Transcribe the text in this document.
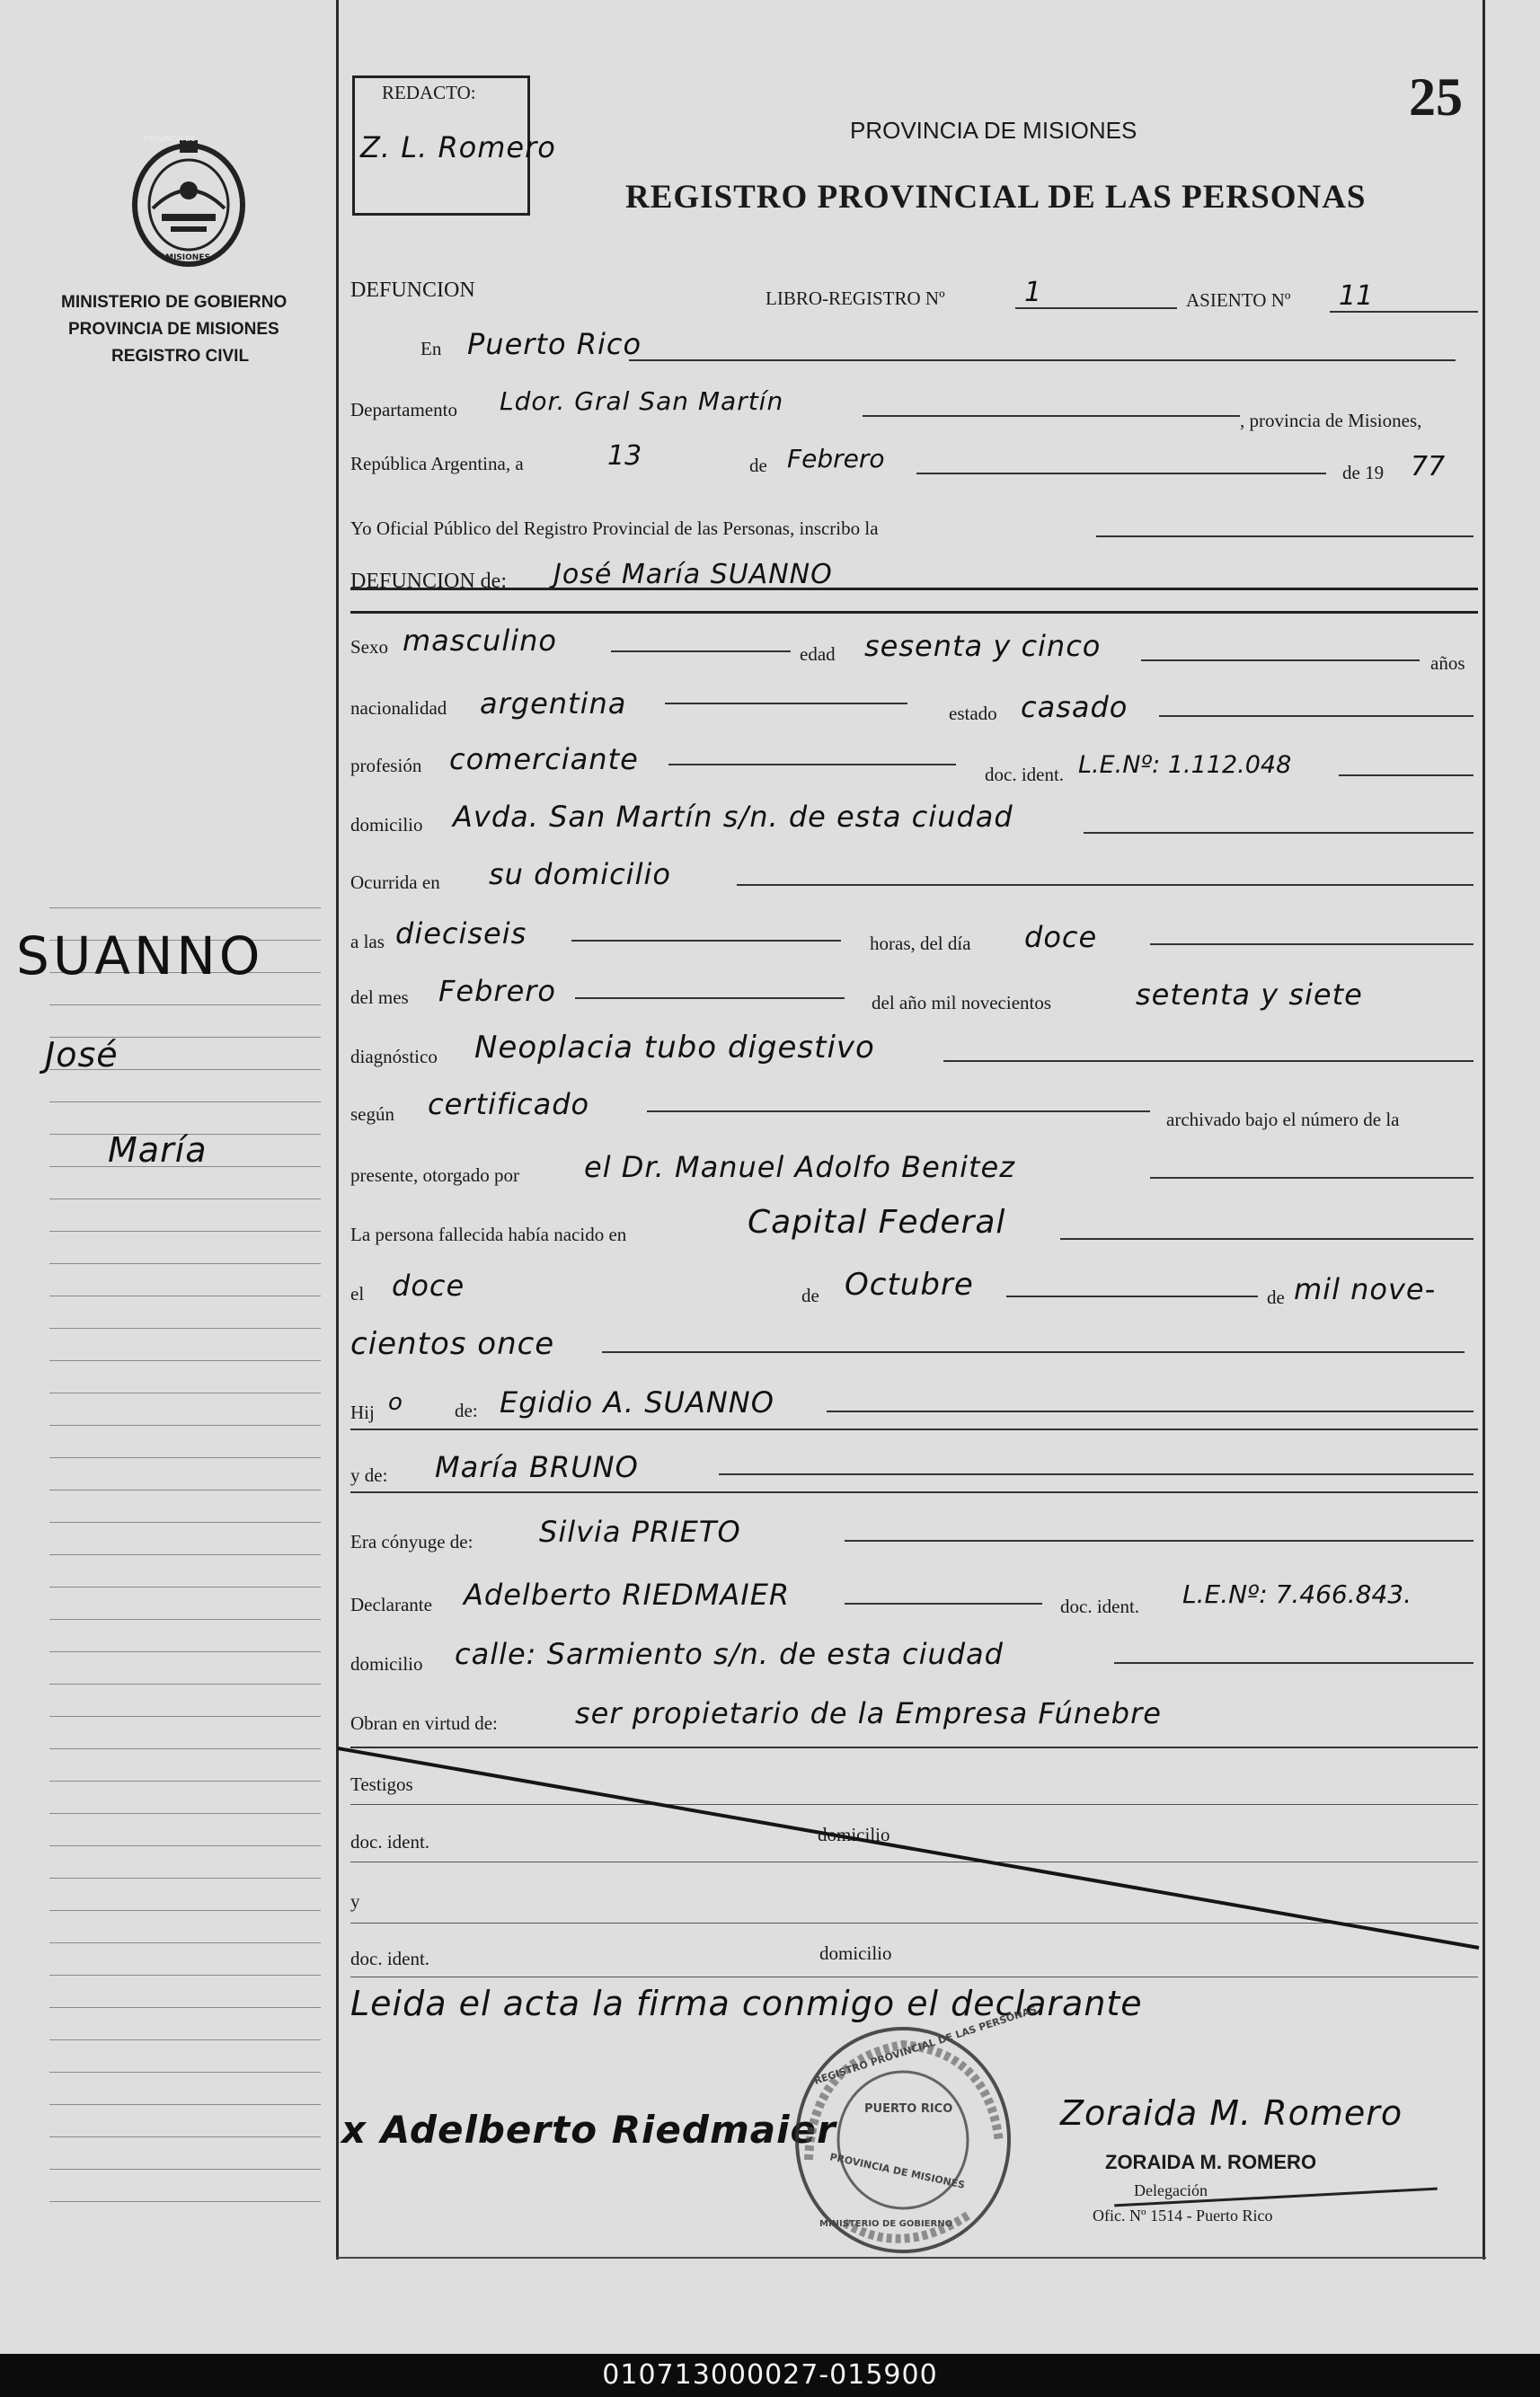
PROVINCIA DE
MISIONES
MINISTERIO DE GOBIERNO
PROVINCIA DE MISIONES
REGISTRO CIVIL
SUANNO
José
María
REDACTO:
Z. L. Romero
25
PROVINCIA DE MISIONES
REGISTRO PROVINCIAL DE LAS PERSONAS
DEFUNCION	LIBRO-REGISTRO Nº	1	ASIENTO Nº 11
En Puerto Rico
Departamento Ldor. Gral San Martín
, provincia de Misiones,
República Argentina, a	13	de Febrero	de 19 77
Yo Oficial Público del Registro Provincial de las Personas, inscribo la
DEFUNCION de: José María SUANNO
Sexo masculino	edad sesenta y cinco	años
nacionalidad argentina	estado casado
profesión comerciante	doc. ident. L.E.Nº: 1.112.048
domicilio Avda. San Martín s/n. de esta ciudad
Ocurrida en su domicilio
a las dieciseis	horas, del día doce
del mes Febrero	del año mil novecientos	setenta y siete
diagnóstico Neoplacia tubo digestivo
según certificado	archivado bajo el número de la
presente, otorgado por el Dr. Manuel Adolfo Benitez
La persona fallecida había nacido en	Capital Federal
el doce	de Octubre	de mil nove-
cientos once
Hij o	de: Egidio A. SUANNO
y de: María BRUNO
Era cónyuge de: Silvia PRIETO
Declarante Adelberto RIEDMAIER	doc. ident. L.E.Nº: 7.466.843.
domicilio calle: Sarmiento s/n. de esta ciudad
Obran en virtud de:	ser propietario de la Empresa Fúnebre
Testigos
doc. ident.	domicilio
y
doc. ident.	domicilio
Leida el acta la firma conmigo el declarante
x Adelberto Riedmaier	Zoraida M. Romero
ZORAIDA M. ROMERO
Delegación
Ofic. Nº 1514 - Puerto Rico
REGISTRO PROVINCIAL DE LAS PERSONAS
PUERTO RICO
MINISTERIO DE GOBIERNO
PROVINCIA DE MISIONES
010713000027-015900
